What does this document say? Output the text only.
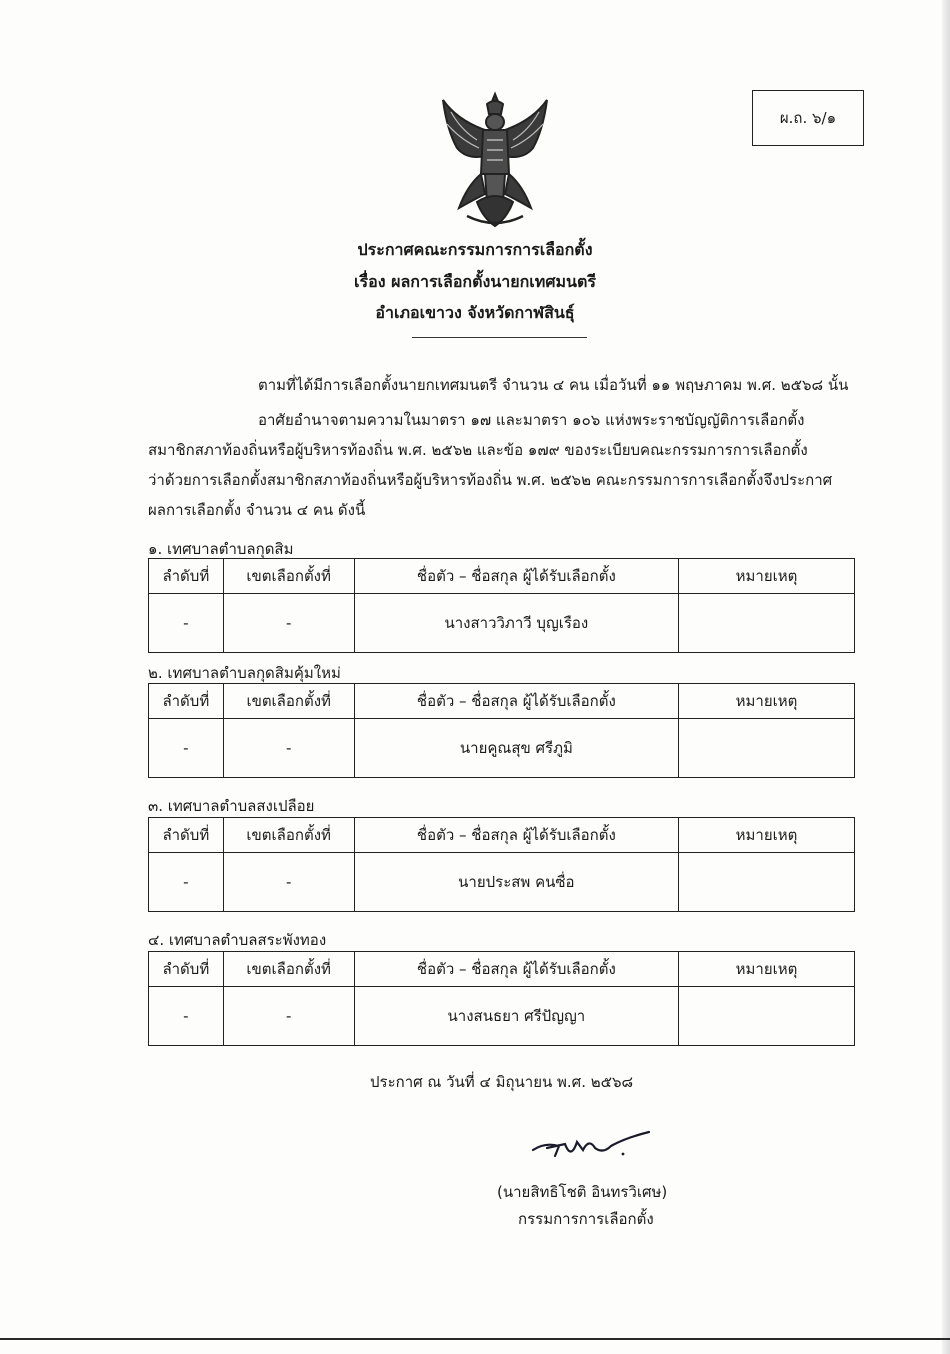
ผ.ถ. ๖/๑
ประกาศคณะกรรมการการเลือกตั้ง
เรื่อง ผลการเลือกตั้งนายกเทศมนตรี
อำเภอเขาวง จังหวัดกาฬสินธุ์
ตามที่ได้มีการเลือกตั้งนายกเทศมนตรี จำนวน ๔ คน เมื่อวันที่ ๑๑ พฤษภาคม พ.ศ. ๒๕๖๘ นั้น
อาศัยอำนาจตามความในมาตรา ๑๗ และมาตรา ๑๐๖ แห่งพระราชบัญญัติการเลือกตั้ง
สมาชิกสภาท้องถิ่นหรือผู้บริหารท้องถิ่น พ.ศ. ๒๕๖๒ และข้อ ๑๗๙ ของระเบียบคณะกรรมการการเลือกตั้ง
ว่าด้วยการเลือกตั้งสมาชิกสภาท้องถิ่นหรือผู้บริหารท้องถิ่น พ.ศ. ๒๕๖๒ คณะกรรมการการเลือกตั้งจึงประกาศ
ผลการเลือกตั้ง จำนวน ๔ คน ดังนี้
๑. เทศบาลตำบลกุดสิม
ลำดับที่	เขตเลือกตั้งที่	ชื่อตัว – ชื่อสกุล ผู้ได้รับเลือกตั้ง	หมายเหตุ
-	-	นางสาววิภาวี บุญเรือง	
๒. เทศบาลตำบลกุดสิมคุ้มใหม่
ลำดับที่	เขตเลือกตั้งที่	ชื่อตัว – ชื่อสกุล ผู้ได้รับเลือกตั้ง	หมายเหตุ
-	-	นายคูณสุข ศรีภูมิ	
๓. เทศบาลตำบลสงเปลือย
ลำดับที่	เขตเลือกตั้งที่	ชื่อตัว – ชื่อสกุล ผู้ได้รับเลือกตั้ง	หมายเหตุ
-	-	นายประสพ คนซื่อ	
๔. เทศบาลตำบลสระพังทอง
ลำดับที่	เขตเลือกตั้งที่	ชื่อตัว – ชื่อสกุล ผู้ได้รับเลือกตั้ง	หมายเหตุ
-	-	นางสนธยา ศรีปัญญา	
ประกาศ ณ วันที่ ๔ มิถุนายน พ.ศ. ๒๕๖๘
(นายสิทธิโชติ อินทรวิเศษ)
กรรมการการเลือกตั้ง
